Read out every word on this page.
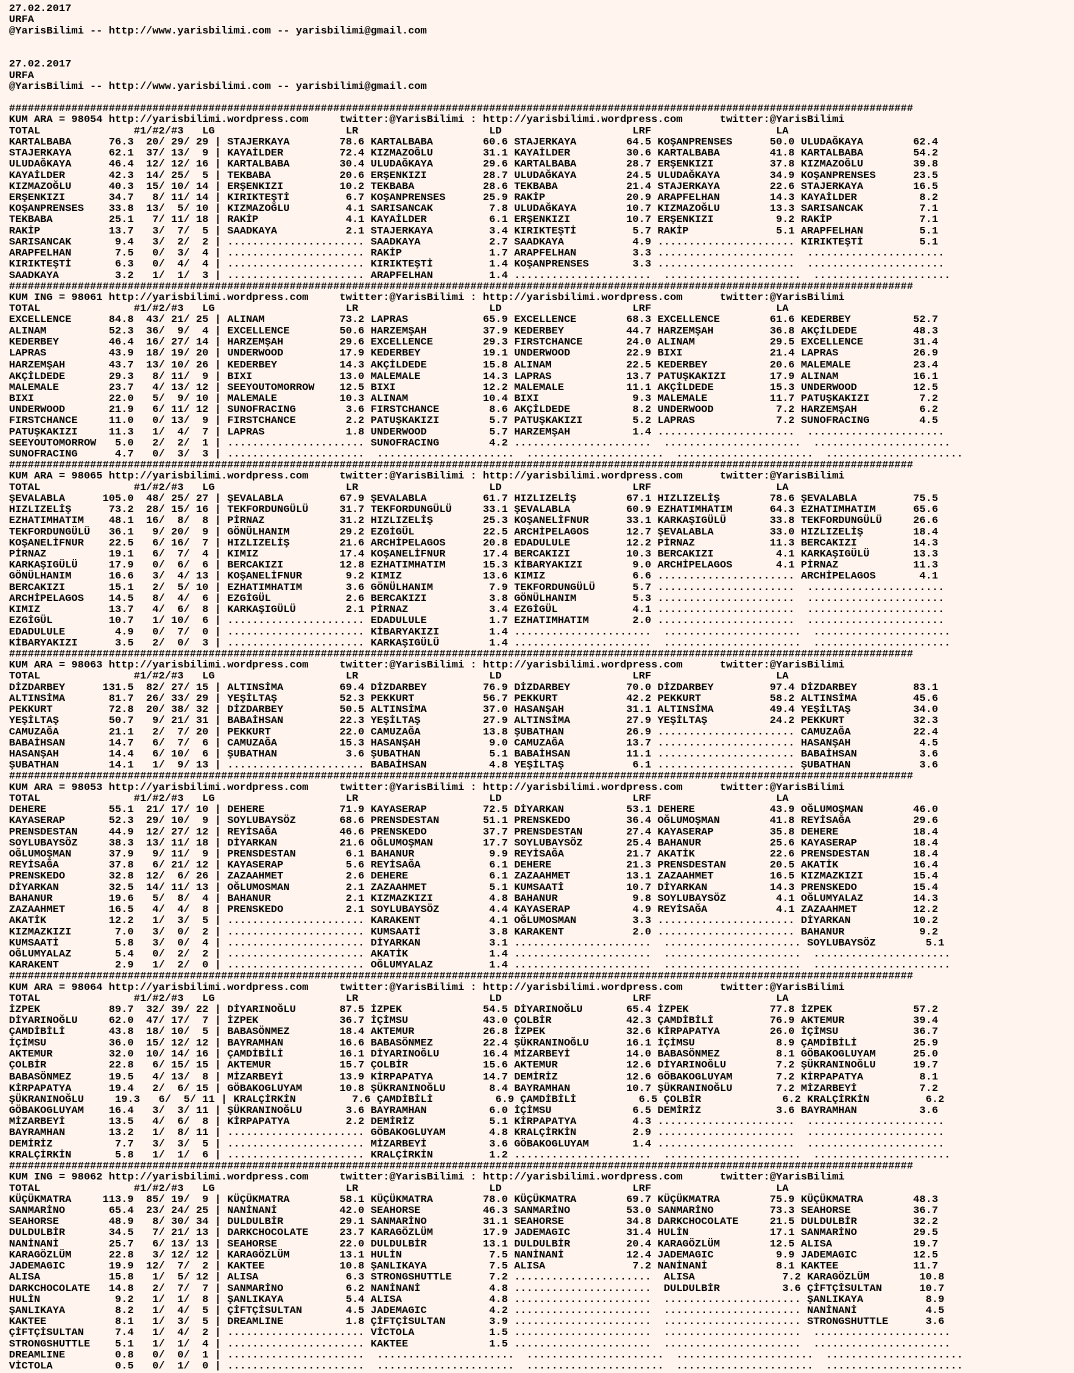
27.02.2017
URFA
@YarisBilimi -- http://www.yarisbilimi.com -- yarisbilimi@gmail.com

27.02.2017
URFA
@YarisBilimi -- http://www.yarisbilimi.com -- yarisbilimi@gmail.com

#################################################################################################################################################
KUM ARA = 98054 http://yarisbilimi.wordpress.com     twitter:@YarisBilimi : http://yarisbilimi.wordpress.com      twitter:@YarisBilimi
TOTAL               #1/#2/#3   LG                     LR                     LD                     LRF                    LA
KARTALBABA      76.3  20/ 29/ 29 | STAJERKAYA        78.6 KARTALBABA        60.6 STAJERKAYA        64.5 KOŞANPRENSES      50.0 ULUDAĞKAYA        62.4
STAJERKAYA      62.1  37/ 13/  9 | KAYAİLDER         72.4 KIZMAZOĞLU        31.1 KAYAİLDER         30.6 KARTALBABA        41.8 KARTALBABA        54.2
ULUDAĞKAYA      46.4  12/ 12/ 16 | KARTALBABA        30.4 ULUDAĞKAYA        29.6 KARTALBABA        28.7 ERŞENKIZI         37.8 KIZMAZOĞLU        39.8
KAYAİLDER       42.3  14/ 25/  5 | TEKBABA           20.6 ERŞENKIZI         28.7 ULUDAĞKAYA        24.5 ULUDAĞKAYA        34.9 KOŞANPRENSES      23.5
KIZMAZOĞLU      40.3  15/ 10/ 14 | ERŞENKIZI         10.2 TEKBABA           28.6 TEKBABA           21.4 STAJERKAYA        22.6 STAJERKAYA        16.5
ERŞENKIZI       34.7   8/ 11/ 14 | KIRIKTEŞTİ         6.7 KOŞANPRENSES      25.9 RAKİP             20.9 ARAPFELHAN        14.3 KAYAİLDER          8.2
KOŞANPRENSES    33.8  13/  5/ 10 | KIZMAZOĞLU         4.1 SARISANCAK         7.8 ULUDAĞKAYA        10.7 KIZMAZOĞLU        13.3 SARISANCAK         7.1
TEKBABA         25.1   7/ 11/ 18 | RAKİP              4.1 KAYAİLDER          6.1 ERŞENKIZI         10.7 ERŞENKIZI          9.2 RAKİP              7.1
RAKİP           13.7   3/  7/  5 | SAADKAYA           2.1 STAJERKAYA         3.4 KIRIKTEŞTİ         5.7 RAKİP              5.1 ARAPFELHAN         5.1
SARISANCAK       9.4   3/  2/  2 | ...................... SAADKAYA           2.7 SAADKAYA           4.9 ...................... KIRIKTEŞTİ         5.1
ARAPFELHAN       7.5   0/  3/  4 | ...................... RAKİP              1.7 ARAPFELHAN         3.3 ......................  ......................
KIRIKTEŞTİ       6.3   0/  4/  4 | ...................... KIRIKTEŞTİ         1.4 KOŞANPRENSES       3.3 ......................  ......................
SAADKAYA         3.2   1/  1/  3 | ...................... ARAPFELHAN         1.4 ......................  ......................  ......................
#################################################################################################################################################
KUM ING = 98061 http://yarisbilimi.wordpress.com     twitter:@YarisBilimi : http://yarisbilimi.wordpress.com      twitter:@YarisBilimi
TOTAL               #1/#2/#3   LG                     LR                     LD                     LRF                    LA
EXCELLENCE      84.8  43/ 21/ 25 | ALINAM            73.2 LAPRAS            65.9 EXCELLENCE        68.3 EXCELLENCE        61.6 KEDERBEY          52.7
ALINAM          52.3  36/  9/  4 | EXCELLENCE        50.6 HARZEMŞAH         37.9 KEDERBEY          44.7 HARZEMŞAH         36.8 AKÇİLDEDE         48.3
KEDERBEY        46.4  16/ 27/ 14 | HARZEMŞAH         29.6 EXCELLENCE        29.3 FIRSTCHANCE       24.0 ALINAM            29.5 EXCELLENCE        31.4
LAPRAS          43.9  18/ 19/ 20 | UNDERWOOD         17.9 KEDERBEY          19.1 UNDERWOOD         22.9 BIXI              21.4 LAPRAS            26.9
HARZEMŞAH       43.7  13/ 10/ 26 | KEDERBEY          14.3 AKÇİLDEDE         15.8 ALINAM            22.5 KEDERBEY          20.6 MALEMALE          23.4
AKÇİLDEDE       29.3   8/ 11/  9 | BIXI              13.0 MALEMALE          14.3 LAPRAS            13.7 PATUŞKAKIZI       17.9 ALINAM            16.1
MALEMALE        23.7   4/ 13/ 12 | SEEYOUTOMORROW    12.5 BIXI              12.2 MALEMALE          11.1 AKÇİLDEDE         15.3 UNDERWOOD         12.5
BIXI            22.0   5/  9/ 10 | MALEMALE          10.3 ALINAM            10.4 BIXI               9.3 MALEMALE          11.7 PATUŞKAKIZI        7.2
UNDERWOOD       21.9   6/ 11/ 12 | SUNOFRACING        3.6 FIRSTCHANCE        8.6 AKÇİLDEDE          8.2 UNDERWOOD          7.2 HARZEMŞAH          6.2
FIRSTCHANCE     11.0   0/ 13/  9 | FIRSTCHANCE        2.2 PATUŞKAKIZI        5.7 PATUŞKAKIZI        5.2 LAPRAS             7.2 SUNOFRACING        4.5
PATUŞKAKIZI     11.3   1/  4/  7 | LAPRAS             1.8 UNDERWOOD          5.7 HARZEMŞAH          1.4 ......................  ......................
SEEYOUTOMORROW   5.0   2/  2/  1 | ...................... SUNOFRACING        4.2 ......................  ......................  ......................
SUNOFRACING      4.7   0/  3/  3 | ......................  ......................  ......................  ......................  ......................
#################################################################################################################################################
KUM ARA = 98065 http://yarisbilimi.wordpress.com     twitter:@YarisBilimi : http://yarisbilimi.wordpress.com      twitter:@YarisBilimi
TOTAL               #1/#2/#3   LG                     LR                     LD                     LRF                    LA
ŞEVALABLA      105.0  48/ 25/ 27 | ŞEVALABLA         67.9 ŞEVALABLA         61.7 HIZLIZELİŞ        67.1 HIZLIZELİŞ        78.6 ŞEVALABLA         75.5
HIZLIZELİŞ      73.2  28/ 15/ 16 | TEKFORDUNGÜLÜ     31.7 TEKFORDUNGÜLÜ     33.1 ŞEVALABLA         60.9 EZHATIMHATIM      64.3 EZHATIMHATIM      65.6
EZHATIMHATIM    48.1  16/  8/  8 | PİRNAZ            31.2 HIZLIZELİŞ        25.3 KOŞANELİFNUR      33.1 KARKAŞIGÜLÜ       33.8 TEKFORDUNGÜLÜ     26.6
TEKFORDUNGÜLÜ   36.1   9/ 20/  9 | GÖNÜLHANIM        29.2 EZGİGÜL           22.5 ARCHİPELAGOS      12.7 ŞEVALABLA         33.0 HIZLIZELİŞ        18.4
KOŞANELİFNUR    22.5   6/ 16/  7 | HIZLIZELİŞ        21.6 ARCHİPELAGOS      20.8 EDADULULE         12.2 PİRNAZ            11.3 BERCAKIZI         14.3
PİRNAZ          19.1   6/  7/  4 | KIMIZ             17.4 KOŞANELİFNUR      17.4 BERCAKIZI         10.3 BERCAKIZI          4.1 KARKAŞIGÜLÜ       13.3
KARKAŞIGÜLÜ     17.9   0/  6/  6 | BERCAKIZI         12.8 EZHATIMHATIM      15.3 KİBARYAKIZI        9.0 ARCHİPELAGOS       4.1 PİRNAZ            11.3
GÖNÜLHANIM      16.6   3/  4/ 13 | KOŞANELİFNUR       9.2 KIMIZ             13.6 KIMIZ              6.6 ...................... ARCHİPELAGOS       4.1
BERCAKIZI       15.1   2/  5/ 10 | EZHATIMHATIM       3.6 GÖNÜLHANIM         7.9 TEKFORDUNGÜLÜ      5.7 ......................  ......................
ARCHİPELAGOS    14.5   8/  4/  6 | EZGİGÜL            2.6 BERCAKIZI          3.8 GÖNÜLHANIM         5.3 ......................  ......................
KIMIZ           13.7   4/  6/  8 | KARKAŞIGÜLÜ        2.1 PİRNAZ             3.4 EZGİGÜL            4.1 ......................  ......................
EZGİGÜL         10.7   1/ 10/  6 | ...................... EDADULULE          1.7 EZHATIMHATIM       2.0 ......................  ......................
EDADULULE        4.9   0/  7/  0 | ...................... KİBARYAKIZI        1.4 ......................  ......................  ......................
KİBARYAKIZI      3.5   2/  0/  3 | ...................... KARKAŞIGÜLÜ        1.4 ......................  ......................  ......................
#################################################################################################################################################
KUM ARA = 98063 http://yarisbilimi.wordpress.com     twitter:@YarisBilimi : http://yarisbilimi.wordpress.com      twitter:@YarisBilimi
TOTAL               #1/#2/#3   LG                     LR                     LD                     LRF                    LA
DİZDARBEY      131.5  82/ 27/ 15 | ALTINSİMA         69.4 DİZDARBEY         76.9 DİZDARBEY         70.0 DİZDARBEY         97.4 DİZDARBEY         83.1
ALTINSİMA       81.7  26/ 33/ 29 | YEŞİLTAŞ          52.3 PEKKURT           56.7 PEKKURT           42.2 PEKKURT           58.2 ALTINSİMA         45.6
PEKKURT         72.8  20/ 38/ 32 | DİZDARBEY         50.5 ALTINSİMA         37.0 HASANŞAH          31.1 ALTINSİMA         49.4 YEŞİLTAŞ          34.0
YEŞİLTAŞ        50.7   9/ 21/ 31 | BABAİHSAN         22.3 YEŞİLTAŞ          27.9 ALTINSİMA         27.9 YEŞİLTAŞ          24.2 PEKKURT           32.3
CAMUZAĞA        21.1   2/  7/ 20 | PEKKURT           22.0 CAMUZAĞA          13.8 ŞUBATHAN          26.9 ...................... CAMUZAĞA          22.4
BABAİHSAN       14.7   6/  7/  6 | CAMUZAĞA          15.3 HASANŞAH           9.0 CAMUZAĞA          13.7 ...................... HASANŞAH           4.5
HASANŞAH        14.4   6/ 10/  6 | ŞUBATHAN           3.6 ŞUBATHAN           5.1 BABAİHSAN         11.1 ...................... BABAİHSAN          3.6
ŞUBATHAN        14.1   1/  9/ 13 | ...................... BABAİHSAN          4.8 YEŞİLTAŞ           6.1 ...................... ŞUBATHAN           3.6
#################################################################################################################################################
KUM ARA = 98053 http://yarisbilimi.wordpress.com     twitter:@YarisBilimi : http://yarisbilimi.wordpress.com      twitter:@YarisBilimi
TOTAL               #1/#2/#3   LG                     LR                     LD                     LRF                    LA
DEHERE          55.1  21/ 17/ 10 | DEHERE            71.9 KAYASERAP         72.5 DİYARKAN          53.1 DEHERE            43.9 OĞLUMOŞMAN        46.0
KAYASERAP       52.3  29/ 10/  9 | SOYLUBAYSÖZ       68.6 PRENSDESTAN       51.1 PRENSKEDO         36.4 OĞLUMOŞMAN        41.8 REYİSAĞA          29.6
PRENSDESTAN     44.9  12/ 27/ 12 | REYİSAĞA          46.6 PRENSKEDO         37.7 PRENSDESTAN       27.4 KAYASERAP         35.8 DEHERE            18.4
SOYLUBAYSÖZ     38.3  13/ 11/ 18 | DİYARKAN          21.6 OĞLUMOŞMAN        17.7 SOYLUBAYSÖZ       25.4 BAHANUR           25.6 KAYASERAP         18.4
OĞLUMOŞMAN      37.9   9/ 11/  9 | PRENSDESTAN        6.1 BAHANUR            9.9 REYİSAĞA          21.7 AKATİK            22.6 PRENSDESTAN       18.4
REYİSAĞA        37.8   6/ 21/ 12 | KAYASERAP          5.6 REYİSAĞA           6.1 DEHERE            21.3 PRENSDESTAN       20.5 AKATİK            16.4
PRENSKEDO       32.8  12/  6/ 26 | ZAZAAHMET          2.6 DEHERE             6.1 ZAZAAHMET         13.1 ZAZAAHMET         16.5 KIZMAZKIZI        15.4
DİYARKAN        32.5  14/ 11/ 13 | OĞLUMOSMAN         2.1 ZAZAAHMET          5.1 KUMSAATİ          10.7 DİYARKAN          14.3 PRENSKEDO         15.4
BAHANUR         19.6   5/  8/  4 | BAHANUR            2.1 KIZMAZKIZI         4.8 BAHANUR            9.8 SOYLUBAYSÖZ        4.1 OĞLUMYALAZ        14.3
ZAZAAHMET       16.5   4/  4/  8 | PRENSKEDO          2.1 SOYLUBAYSÖZ        4.4 KAYASERAP          4.9 REYİSAĞA           4.1 ZAZAAHMET         12.2
AKATİK          12.2   1/  3/  5 | ...................... KARAKENT           4.1 OĞLUMOSMAN         3.3 ...................... DİYARKAN          10.2
KIZMAZKIZI       7.0   3/  0/  2 | ...................... KUMSAATİ           3.8 KARAKENT           2.0 ...................... BAHANUR            9.2
KUMSAATİ         5.8   3/  0/  4 | ...................... DİYARKAN           3.1 ......................  ...................... SOYLUBAYSÖZ        5.1
OĞLUMYALAZ       5.4   0/  2/  2 | ...................... AKATİK             1.4 ......................  ......................  ......................
KARAKENT         2.9   1/  2/  0 | ...................... OĞLUMYALAZ         1.4 ......................  ......................  ......................
#################################################################################################################################################
KUM ARA = 98064 http://yarisbilimi.wordpress.com     twitter:@YarisBilimi : http://yarisbilimi.wordpress.com      twitter:@YarisBilimi
TOTAL               #1/#2/#3   LG                     LR                     LD                     LRF                    LA
İZPEK           89.7  32/ 39/ 22 | DİYARINOĞLU       87.5 İZPEK             54.5 DİYARINOĞLU       65.4 İZPEK             77.8 İZPEK             57.2
DİYARINOĞLU     62.0  47/ 17/  7 | İZPEK             36.7 İÇİMSU            43.0 ÇOLBİR            42.3 ÇAMDİBİLİ         76.9 AKTEMUR           39.4
ÇAMDİBİLİ       43.8  18/ 10/  5 | BABASÖNMEZ        18.4 AKTEMUR           26.8 İZPEK             32.6 KİRPAPATYA        26.0 İÇİMSU            36.7
İÇİMSU          36.0  15/ 12/ 12 | BAYRAMHAN         16.6 BABASÖNMEZ        22.4 ŞÜKRANINOĞLU      16.1 İÇİMSU             8.9 ÇAMDİBİLİ         25.9
AKTEMUR         32.0  10/ 14/ 16 | ÇAMDİBİLİ         16.1 DİYARINOĞLU       16.4 MİZARBEYİ         14.0 BABASÖNMEZ         8.1 GÖBAKOGLUYAM      25.0
ÇOLBİR          22.8   6/ 15/ 15 | AKTEMUR           15.7 ÇOLBİR            15.6 AKTEMUR           12.6 DİYARINOĞLU        7.2 ŞÜKRANINOĞLU      19.7
BABASÖNMEZ      19.5   4/ 13/  8 | MİZARBEYİ         13.9 KİRPAPATYA        14.7 DEMİRİZ           12.6 GÖBAKOGLUYAM       7.2 KİRPAPATYA         8.1
KİRPAPATYA      19.4   2/  6/ 15 | GÖBAKOGLUYAM      10.8 ŞÜKRANINOĞLU       8.4 BAYRAMHAN         10.7 ŞÜKRANINOĞLU       7.2 MİZARBEYİ          7.2
ŞÜKRANINOĞLU     19.3   6/  5/ 11 | KRALÇİRKİN         7.6 ÇAMDİBİLİ          6.9 ÇAMDİBİLİ          6.5 ÇOLBİR             6.2 KRALÇİRKİN         6.2
GÖBAKOGLUYAM    16.4   3/  3/ 11 | ŞÜKRANINOĞLU       3.6 BAYRAMHAN          6.0 İÇİMSU             6.5 DEMİRİZ            3.6 BAYRAMHAN          3.6
MİZARBEYİ       13.5   4/  6/  8 | KİRPAPATYA         2.2 DEMİRİZ            5.1 KİRPAPATYA         4.3 ......................  ......................
BAYRAMHAN       13.2   1/  8/ 11 | ...................... GÖBAKOGLUYAM       4.8 KRALÇİRKİN         2.9 ......................  ......................
DEMİRİZ          7.7   3/  3/  5 | ...................... MİZARBEYİ          3.6 GÖBAKOGLUYAM       1.4 ......................  ......................
KRALÇİRKİN       5.8   1/  1/  6 | ...................... KRALÇİRKİN         1.2 ......................  ......................  ......................
#################################################################################################################################################
KUM ING = 98062 http://yarisbilimi.wordpress.com     twitter:@YarisBilimi : http://yarisbilimi.wordpress.com      twitter:@YarisBilimi
TOTAL               #1/#2/#3   LG                     LR                     LD                     LRF                    LA
KÜÇÜKMATRA     113.9  85/ 19/  9 | KÜÇÜKMATRA        58.1 KÜÇÜKMATRA        78.0 KÜÇÜKMATRA        69.7 KÜÇÜKMATRA        75.9 KÜÇÜKMATRA        48.3
SANMARİNO       65.4  23/ 24/ 25 | NANİNANİ          42.0 SEAHORSE          46.3 SANMARİNO         53.0 SANMARİNO         73.3 SEAHORSE          36.7
SEAHORSE        48.9   8/ 30/ 34 | DULDULBİR         29.1 SANMARİNO         31.1 SEAHORSE          34.8 DARKCHOCOLATE     21.5 DULDULBİR         32.2
DULDULBİR       34.5   7/ 21/ 13 | DARKCHOCOLATE     23.7 KARAGÖZLÜM        17.9 JADEMAGIC         31.4 HULİN             17.1 SANMARİNO         29.5
NANİNANİ        25.7   6/ 13/ 13 | SEAHORSE          22.0 DULDULBİR         13.1 DULDULBİR         20.4 KARAGÖZLÜM        12.5 ALISA             19.7
KARAGÖZLÜM      22.8   3/ 12/ 12 | KARAGÖZLÜM        13.1 HULİN              7.5 NANİNANİ          12.4 JADEMAGIC          9.9 JADEMAGIC         12.5
JADEMAGIC       19.9  12/  7/  2 | KAKTEE            10.8 ŞANLIKAYA          7.5 ALISA              7.2 NANİNANİ           8.1 KAKTEE            11.7
ALISA           15.8   1/  5/ 12 | ALISA              6.3 STRONGSHUTTLE      7.2 ......................  ALISA              7.2 KARAGÖZLÜM        10.8
DARKCHOCOLATE   14.8   2/  7/  7 | SANMARİNO          6.2 NANİNANİ           4.8 ......................  DULDULBİR          3.6 ÇİFTÇİSULTAN      10.7
HULİN            9.2   1/  1/  8 | ŞANLIKAYA          5.4 ALISA              4.8 ......................  ...................... ŞANLIKAYA          8.9
ŞANLIKAYA        8.2   1/  4/  5 | ÇİFTÇİSULTAN       4.5 JADEMAGIC          4.2 ......................  ...................... NANİNANİ           4.5
KAKTEE           8.1   1/  3/  5 | DREAMLINE          1.8 ÇİFTÇİSULTAN       3.9 ......................  ...................... STRONGSHUTTLE      3.6
ÇİFTÇİSULTAN     7.4   1/  4/  2 | ...................... VİCTOLA            1.5 ......................  ......................  ......................
STRONGSHUTTLE    5.1   1/  1/  4 | ...................... KAKTEE             1.5 ......................  ......................  ......................
DREAMLINE        0.8   0/  0/  1 | ......................  ......................  ......................  ......................  ......................
VİCTOLA          0.5   0/  1/  0 | ......................  ......................  ......................  ......................  ......................
